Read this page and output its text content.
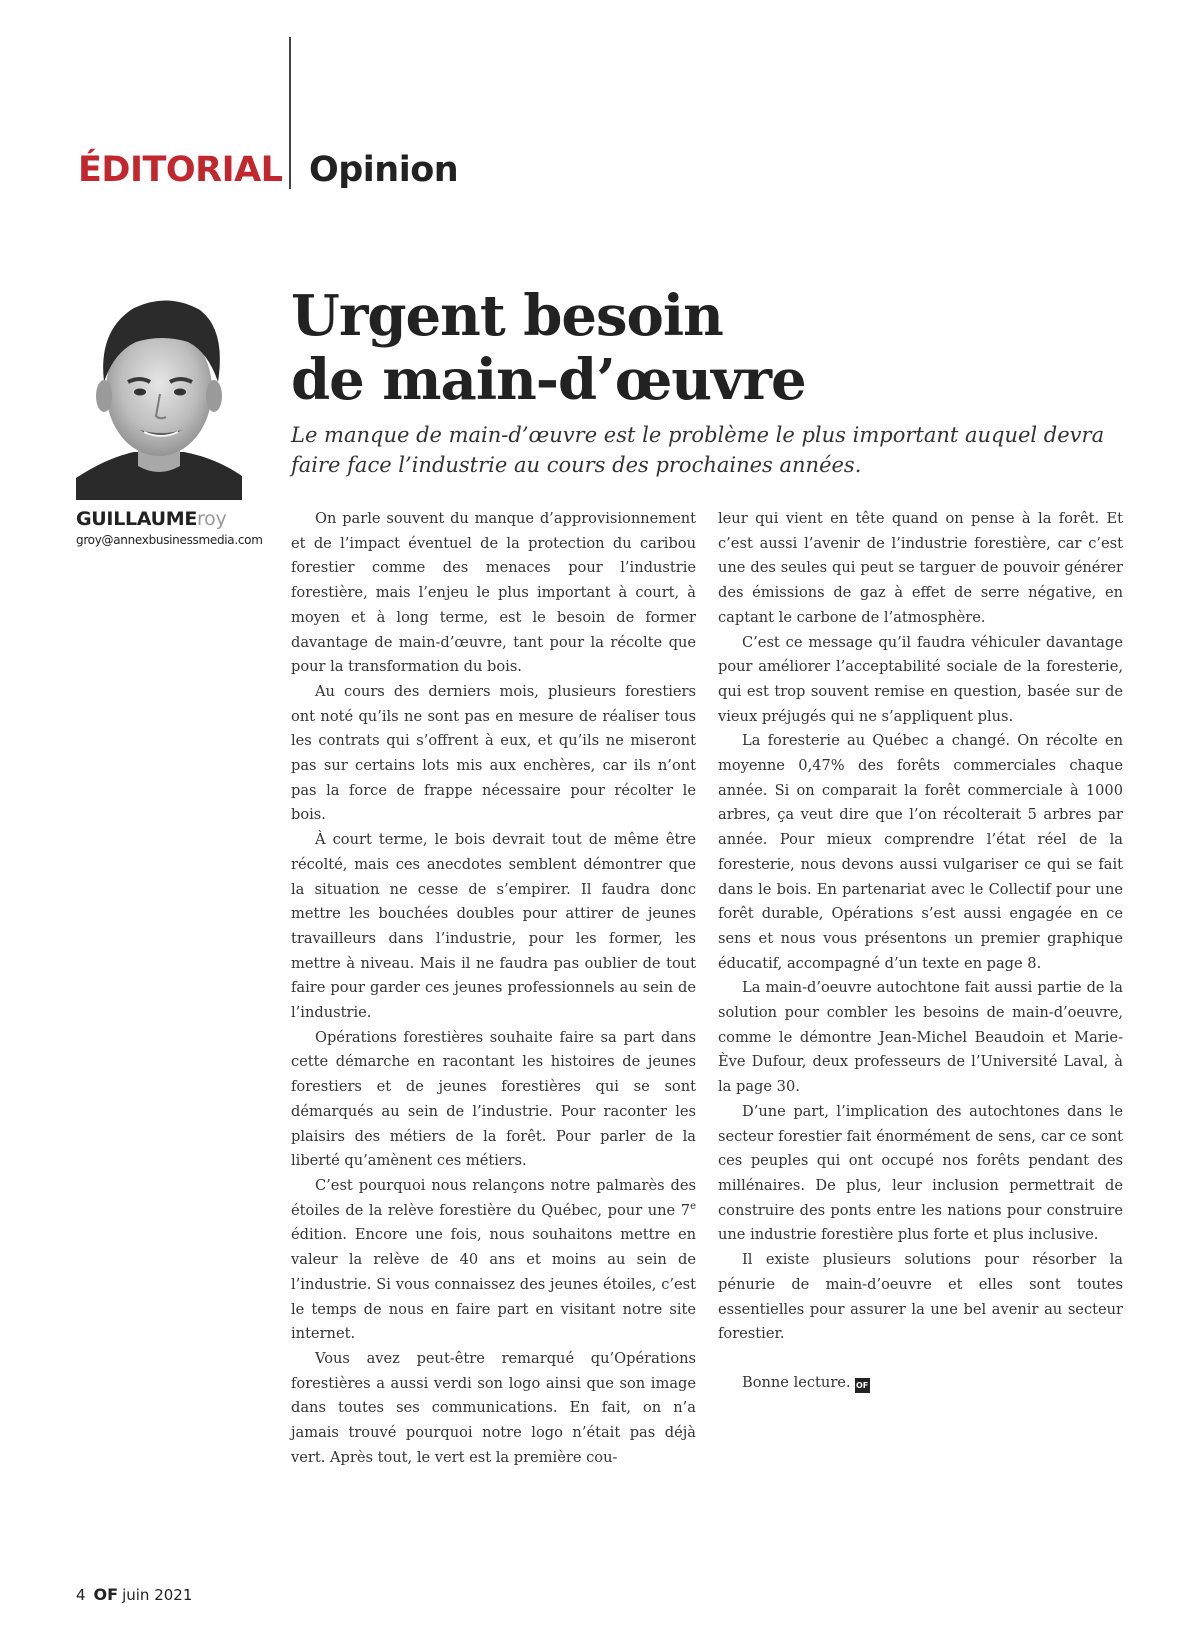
ÉDITORIAL Opinion
GUILLAUMEroy
groy@annexbusinessmedia.com
Urgent besoin
de main-d’œuvre

Le manque de main-d’œuvre est le problème le plus important auquel devra faire face l’industrie au cours des prochaines années.

On parle souvent du manque d’approvisionnement et de l’impact éventuel de la protection du caribou forestier comme des menaces pour l’industrie forestière, mais l’enjeu le plus important à court, à moyen et à long terme, est le besoin de former davantage de main-d’œuvre, tant pour la récolte que pour la transformation du bois.

Au cours des derniers mois, plusieurs forestiers ont noté qu’ils ne sont pas en mesure de réaliser tous les contrats qui s’offrent à eux, et qu’ils ne miseront pas sur certains lots mis aux enchères, car ils n’ont pas la force de frappe nécessaire pour récolter le bois.

À court terme, le bois devrait tout de même être récolté, mais ces anecdotes semblent démontrer que la situation ne cesse de s’empirer. Il faudra donc mettre les bouchées doubles pour attirer de jeunes travailleurs dans l’industrie, pour les former, les mettre à niveau. Mais il ne faudra pas oublier de tout faire pour garder ces jeunes professionnels au sein de l’industrie.

Opérations forestières souhaite faire sa part dans cette démarche en racontant les histoires de jeunes forestiers et de jeunes forestières qui se sont démarqués au sein de l’industrie. Pour raconter les plaisirs des métiers de la forêt. Pour parler de la liberté qu’amènent ces métiers.

C’est pourquoi nous relançons notre palmarès des étoiles de la relève forestière du Québec, pour une 7e édition. Encore une fois, nous souhaitons mettre en valeur la relève de 40 ans et moins au sein de l’industrie. Si vous connaissez des jeunes étoiles, c’est le temps de nous en faire part en visitant notre site internet.

Vous avez peut-être remarqué qu’Opérations forestières a aussi verdi son logo ainsi que son image dans toutes ses communications. En fait, on n’a jamais trouvé pourquoi notre logo n’était pas déjà vert. Après tout, le vert est la première cou-

leur qui vient en tête quand on pense à la forêt. Et c’est aussi l’avenir de l’industrie forestière, car c’est une des seules qui peut se targuer de pouvoir générer des émissions de gaz à effet de serre négative, en captant le carbone de l’atmosphère.

C’est ce message qu’il faudra véhiculer davantage pour améliorer l’acceptabilité sociale de la foresterie, qui est trop souvent remise en question, basée sur de vieux préjugés qui ne s’appliquent plus.

La foresterie au Québec a changé. On récolte en moyenne 0,47% des forêts commerciales chaque année. Si on comparait la forêt commerciale à 1000 arbres, ça veut dire que l’on récolterait 5 arbres par année. Pour mieux comprendre l’état réel de la foresterie, nous devons aussi vulgariser ce qui se fait dans le bois. En partenariat avec le Collectif pour une forêt durable, Opérations s’est aussi engagée en ce sens et nous vous présentons un premier graphique éducatif, accompagné d’un texte en page 8.

La main-d’oeuvre autochtone fait aussi partie de la solution pour combler les besoins de main-d’oeuvre, comme le démontre Jean-Michel Beaudoin et Marie-Ève Dufour, deux professeurs de l’Université Laval, à la page 30.

D’une part, l’implication des autochtones dans le secteur forestier fait énormément de sens, car ce sont ces peuples qui ont occupé nos forêts pendant des millénaires. De plus, leur inclusion permettrait de construire des ponts entre les nations pour construire une industrie forestière plus forte et plus inclusive.

Il existe plusieurs solutions pour résorber la pénurie de main-d’oeuvre et elles sont toutes essentielles pour assurer la une bel avenir au secteur forestier.

Bonne lecture. OF

4 OF juin 2021
